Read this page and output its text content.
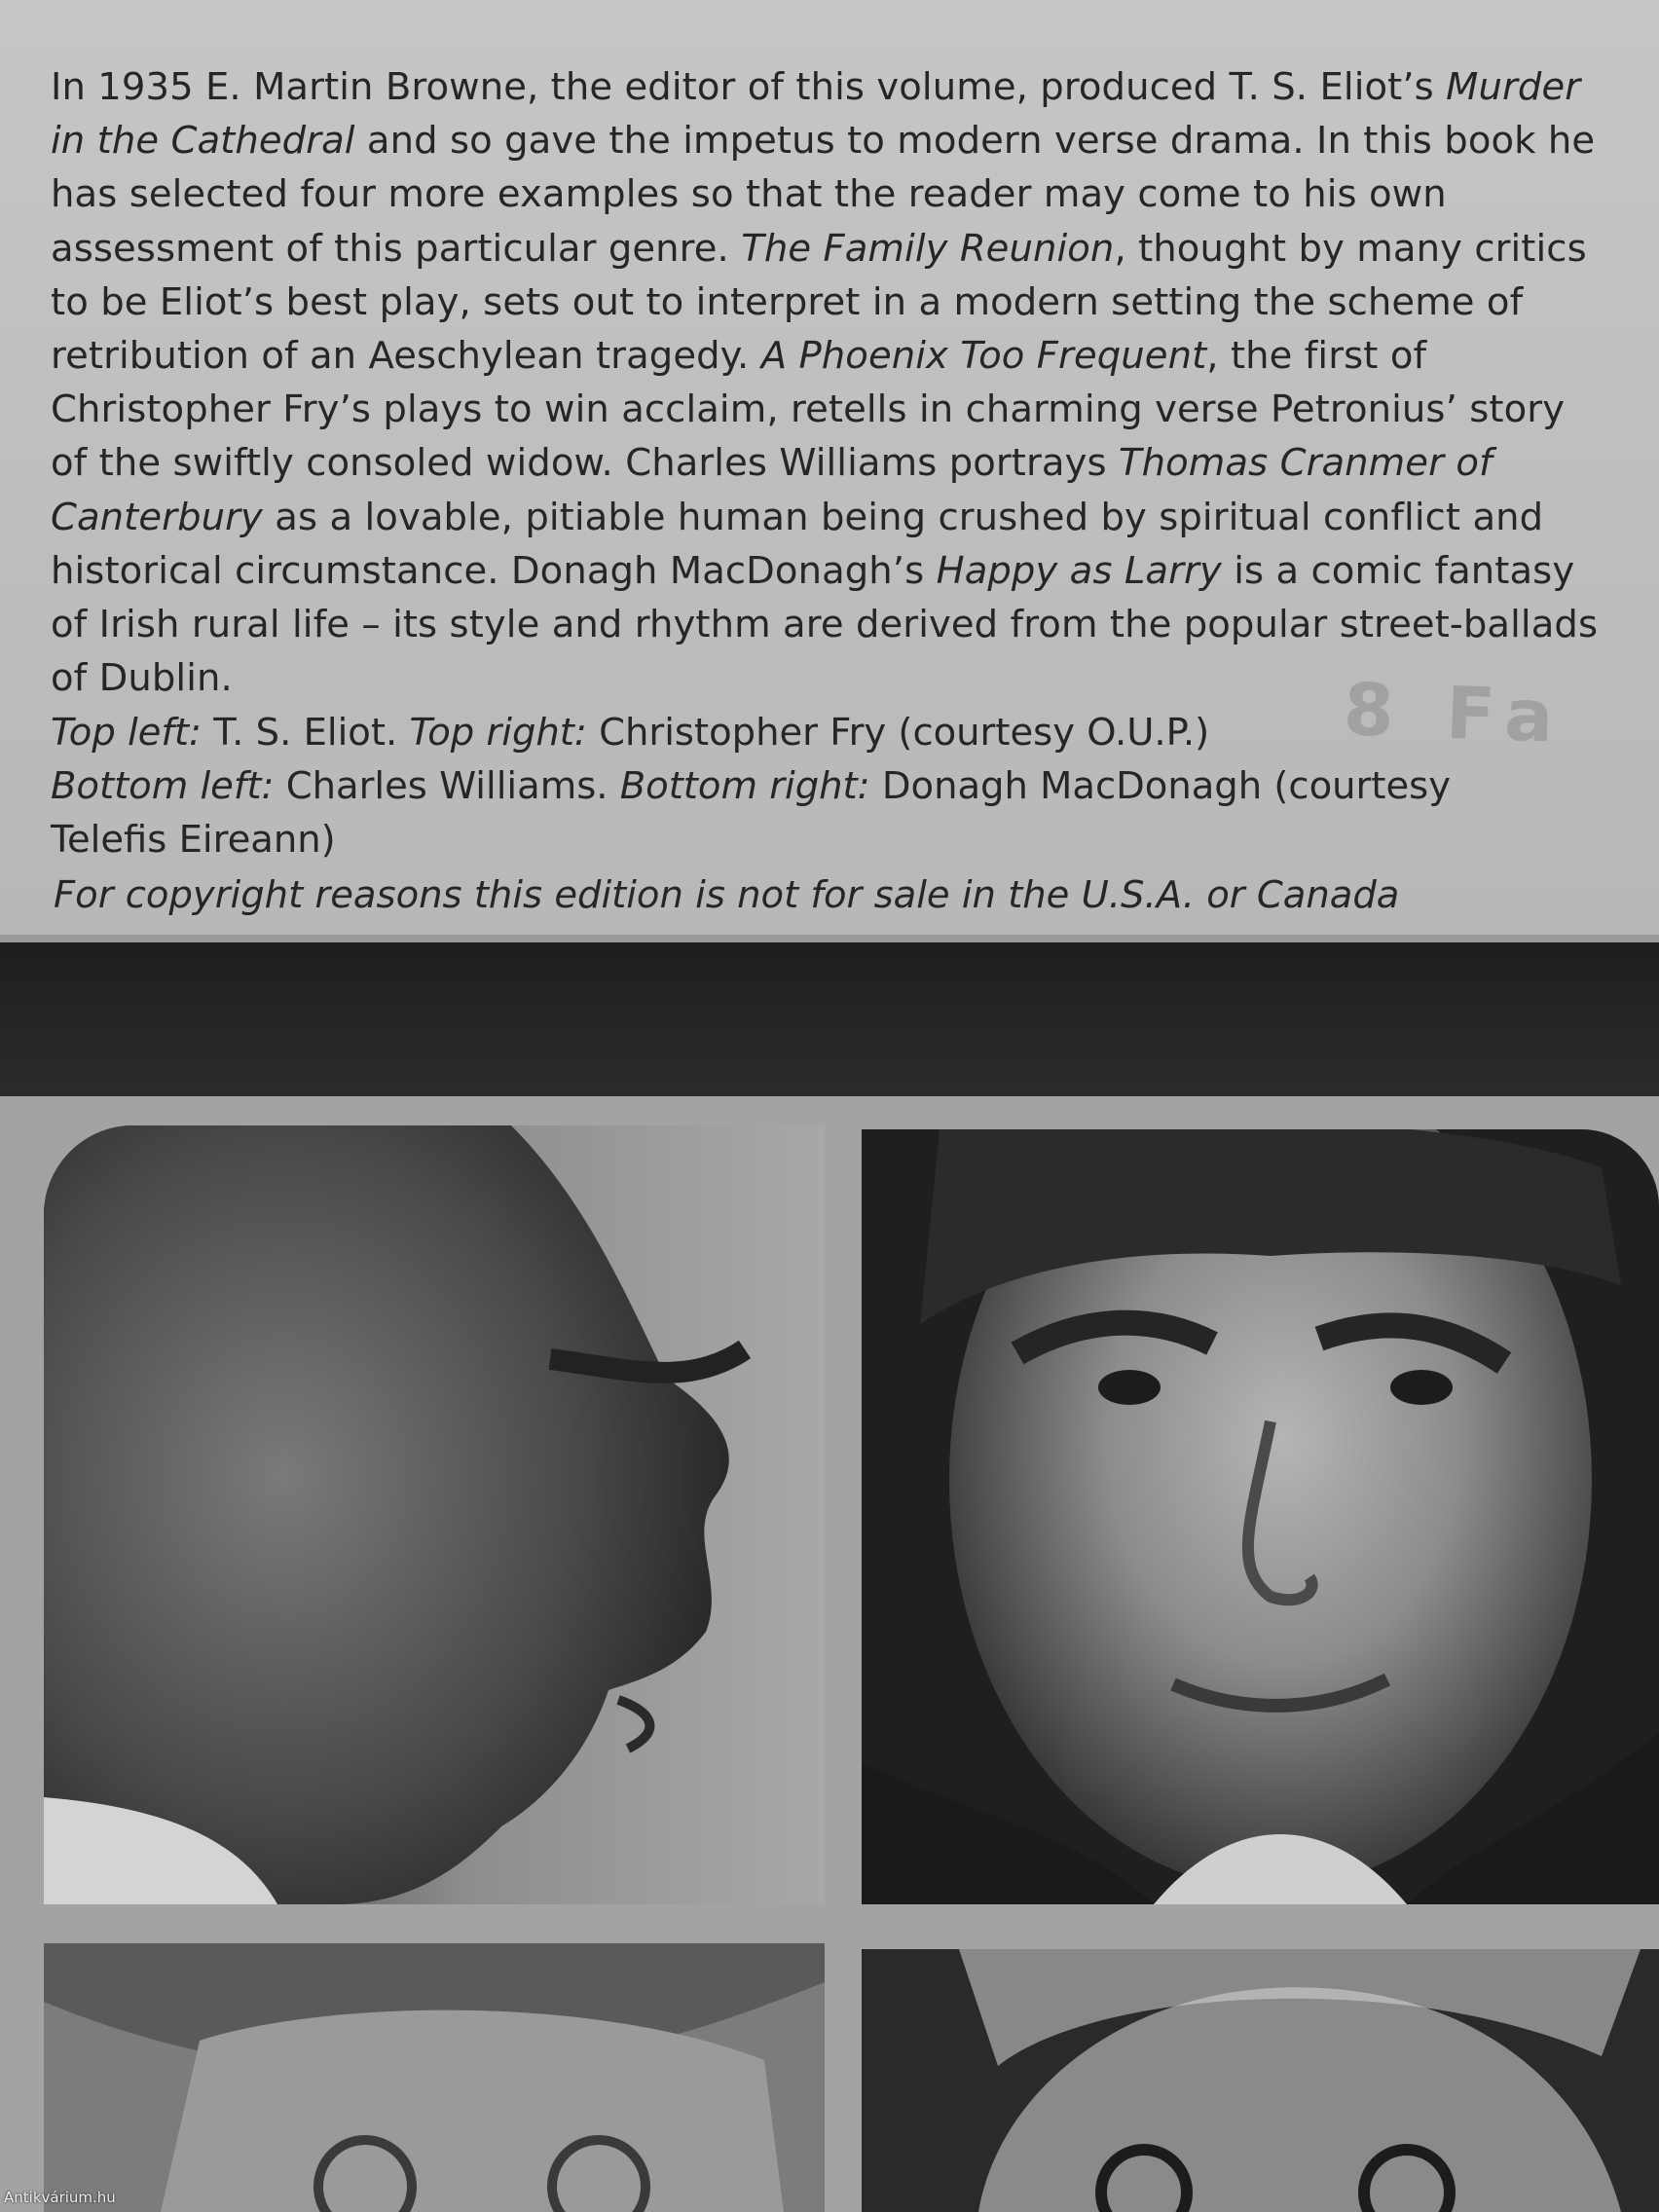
In 1935 E. Martin Browne, the editor of this volume, produced T. S. Eliot’s Murder
in the Cathedral and so gave the impetus to modern verse drama. In this book he
has selected four more examples so that the reader may come to his own
assessment of this particular genre. The Family Reunion, thought by many critics
to be Eliot’s best play, sets out to interpret in a modern setting the scheme of
retribution of an Aeschylean tragedy. A Phoenix Too Frequent, the first of
Christopher Fry’s plays to win acclaim, retells in charming verse Petronius’ story
of the swiftly consoled widow. Charles Williams portrays Thomas Cranmer of
Canterbury as a lovable, pitiable human being crushed by spiritual conflict and
historical circumstance. Donagh MacDonagh’s Happy as Larry is a comic fantasy
of Irish rural life – its style and rhythm are derived from the popular street-ballads
of Dublin.

Top left: T. S. Eliot. Top right: Christopher Fry (courtesy O.U.P.)
Bottom left: Charles Williams. Bottom right: Donagh MacDonagh (courtesy
Telefis Eireann)

For copyright reasons this edition is not for sale in the U.S.A. or Canada

8 Fa
Antikvárium.hu
